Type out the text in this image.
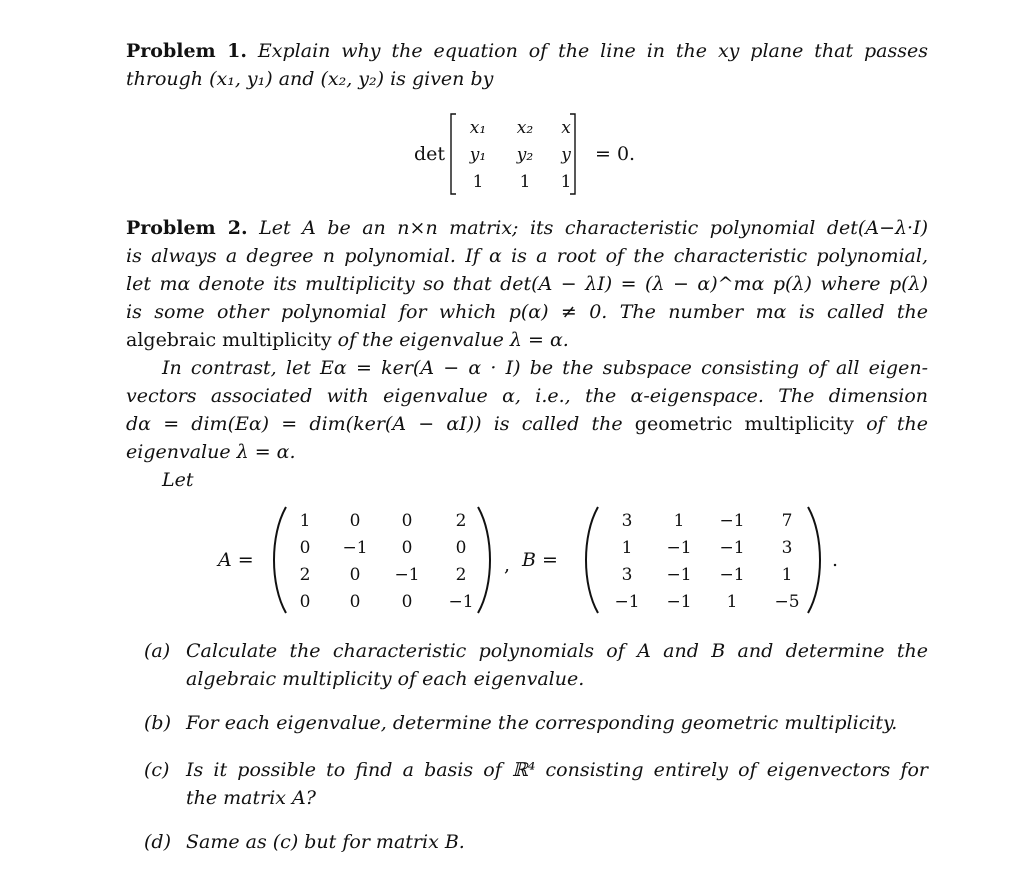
Problem 1. Explain why the equation of the line in the xy plane that passes
through (x₁, y₁) and (x₂, y₂) is given by
det
x₁	x₂	x
y₁	y₂	y
1	1	1
= 0.
Problem 2. Let A be an n×n matrix; its characteristic polynomial det(A−λ·I)
is always a degree n polynomial. If α is a root of the characteristic polynomial,
let mα denote its multiplicity so that det(A − λI) = (λ − α)^mα p(λ) where p(λ)
is some other polynomial for which p(α) ≠ 0. The number mα is called the
algebraic multiplicity of the eigenvalue λ = α.
In contrast, let Eα = ker(A − α · I) be the subspace consisting of all eigen-
vectors associated with eigenvalue α, i.e., the α-eigenspace. The dimension
dα = dim(Eα) = dim(ker(A − αI)) is called the geometric multiplicity of the
eigenvalue λ = α.
Let
A =
1	0	0	2
0	−1	0	0
2	0	−1	2
0	0	0	−1
, B =
3	1	−1	7
1	−1	−1	3
3	−1	−1	1
−1	−1	1	−5
.
(a) Calculate the characteristic polynomials of A and B and determine the
algebraic multiplicity of each eigenvalue.
(b) For each eigenvalue, determine the corresponding geometric multiplicity.
(c) Is it possible to find a basis of ℝ⁴ consisting entirely of eigenvectors for
the matrix A?
(d) Same as (c) but for matrix B.
